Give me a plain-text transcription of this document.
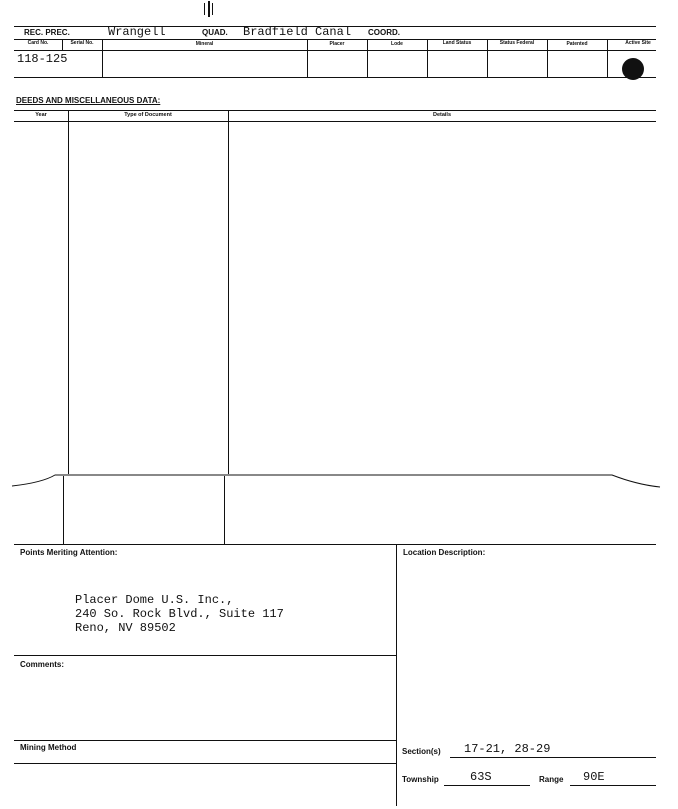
REC. PREC.	Wrangell	QUAD. Bradfield Canal COORD.
Card No.	Serial No.	Mineral	Placer	Lode	Land Status	Status Federal	Patented	Active Site
118-125
DEEDS AND MISCELLANEOUS DATA:
Year	Type of Document	Details
Points Meriting Attention:
Placer Dome U.S. Inc.,
240 So. Rock Blvd., Suite 117
Reno, NV 89502
Location Description:
Comments:
Mining Method	Section(s) 17-21, 28-29
Township	63S	Range 90E
